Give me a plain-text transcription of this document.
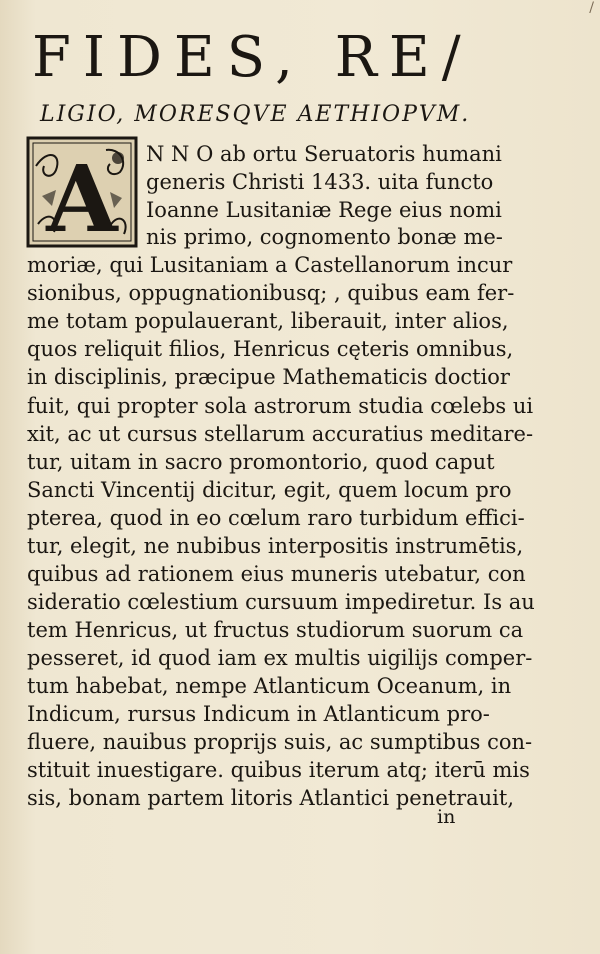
/
FIDES, RE/
LIGIO, MORESQVE AETHIOPVM.
A N N O ab ortu Seruatoris humani
generis Christi 1433. uita functo
Ioanne Lusitaniæ Rege eius nomi
nis primo, cognomento bonæ me-
moriæ, qui Lusitaniam a Castellanorum incur
sionibus, oppugnationibusq; , quibus eam fer-
me totam populauerant, liberauit, inter alios,
quos reliquit filios, Henricus cęteris omnibus,
in disciplinis, præcipue Mathematicis doctior
fuit, qui propter sola astrorum studia cœlebs ui
xit, ac ut cursus stellarum accuratius meditare-
tur, uitam in sacro promontorio, quod caput
Sancti Vincentij dicitur, egit, quem locum pro
pterea, quod in eo cœlum raro turbidum effici-
tur, elegit, ne nubibus interpositis instrumētis,
quibus ad rationem eius muneris utebatur, con
sideratio cœlestium cursuum impediretur. Is au
tem Henricus, ut fructus studiorum suorum ca
pesseret, id quod iam ex multis uigilijs comper-
tum habebat, nempe Atlanticum Oceanum, in
Indicum, rursus Indicum in Atlanticum pro-
fluere, nauibus proprijs suis, ac sumptibus con-
stituit inuestigare. quibus iterum atq; iterū mis
sis, bonam partem litoris Atlantici penetrauit,
in
